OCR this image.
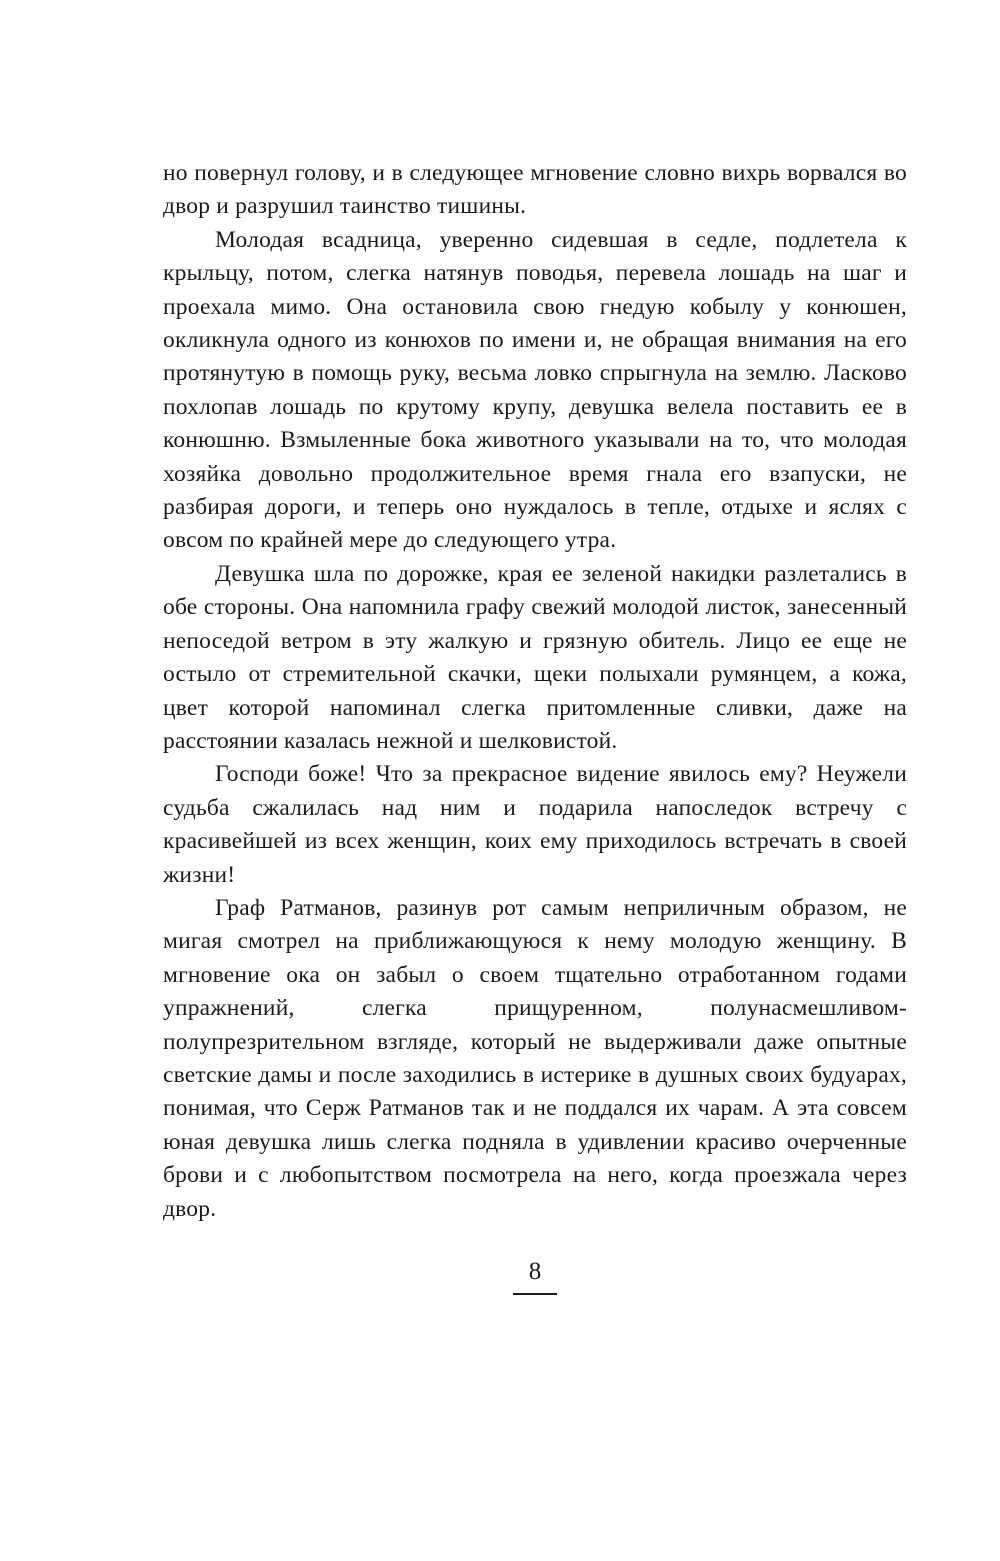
но повернул голову, и в следующее мгновение словно вихрь ворвался во двор и разрушил таинство тишины.

Молодая всадница, уверенно сидевшая в седле, подлетела к крыльцу, потом, слегка натянув поводья, перевела лошадь на шаг и проехала мимо. Она остановила свою гнедую кобылу у конюшен, окликнула одного из конюхов по имени и, не обращая внимания на его протянутую в помощь руку, весьма ловко спрыгнула на землю. Ласково похлопав лошадь по крутому крупу, девушка велела поставить ее в конюшню. Взмыленные бока животного указывали на то, что молодая хозяйка довольно продолжительное время гнала его взапуски, не разбирая дороги, и теперь оно нуждалось в тепле, отдыхе и яслях с овсом по крайней мере до следующего утра.

Девушка шла по дорожке, края ее зеленой накидки разлетались в обе стороны. Она напомнила графу свежий молодой листок, занесенный непоседой ветром в эту жалкую и грязную обитель. Лицо ее еще не остыло от стремительной скачки, щеки полыхали румянцем, а кожа, цвет которой напоминал слегка притомленные сливки, даже на расстоянии казалась нежной и шелковистой.

Господи боже! Что за прекрасное видение явилось ему? Неужели судьба сжалилась над ним и подарила напоследок встречу с красивейшей из всех женщин, коих ему приходилось встречать в своей жизни!

Граф Ратманов, разинув рот самым неприличным образом, не мигая смотрел на приближающуюся к нему молодую женщину. В мгновение ока он забыл о своем тщательно отработанном годами упражнений, слегка прищуренном, полунасмешливом-полупрезрительном взгляде, который не выдерживали даже опытные светские дамы и после заходились в истерике в душных своих будуарах, понимая, что Серж Ратманов так и не поддался их чарам. А эта совсем юная девушка лишь слегка подняла в удивлении красиво очерченные брови и с любопытством посмотрела на него, когда проезжала через двор.

8
